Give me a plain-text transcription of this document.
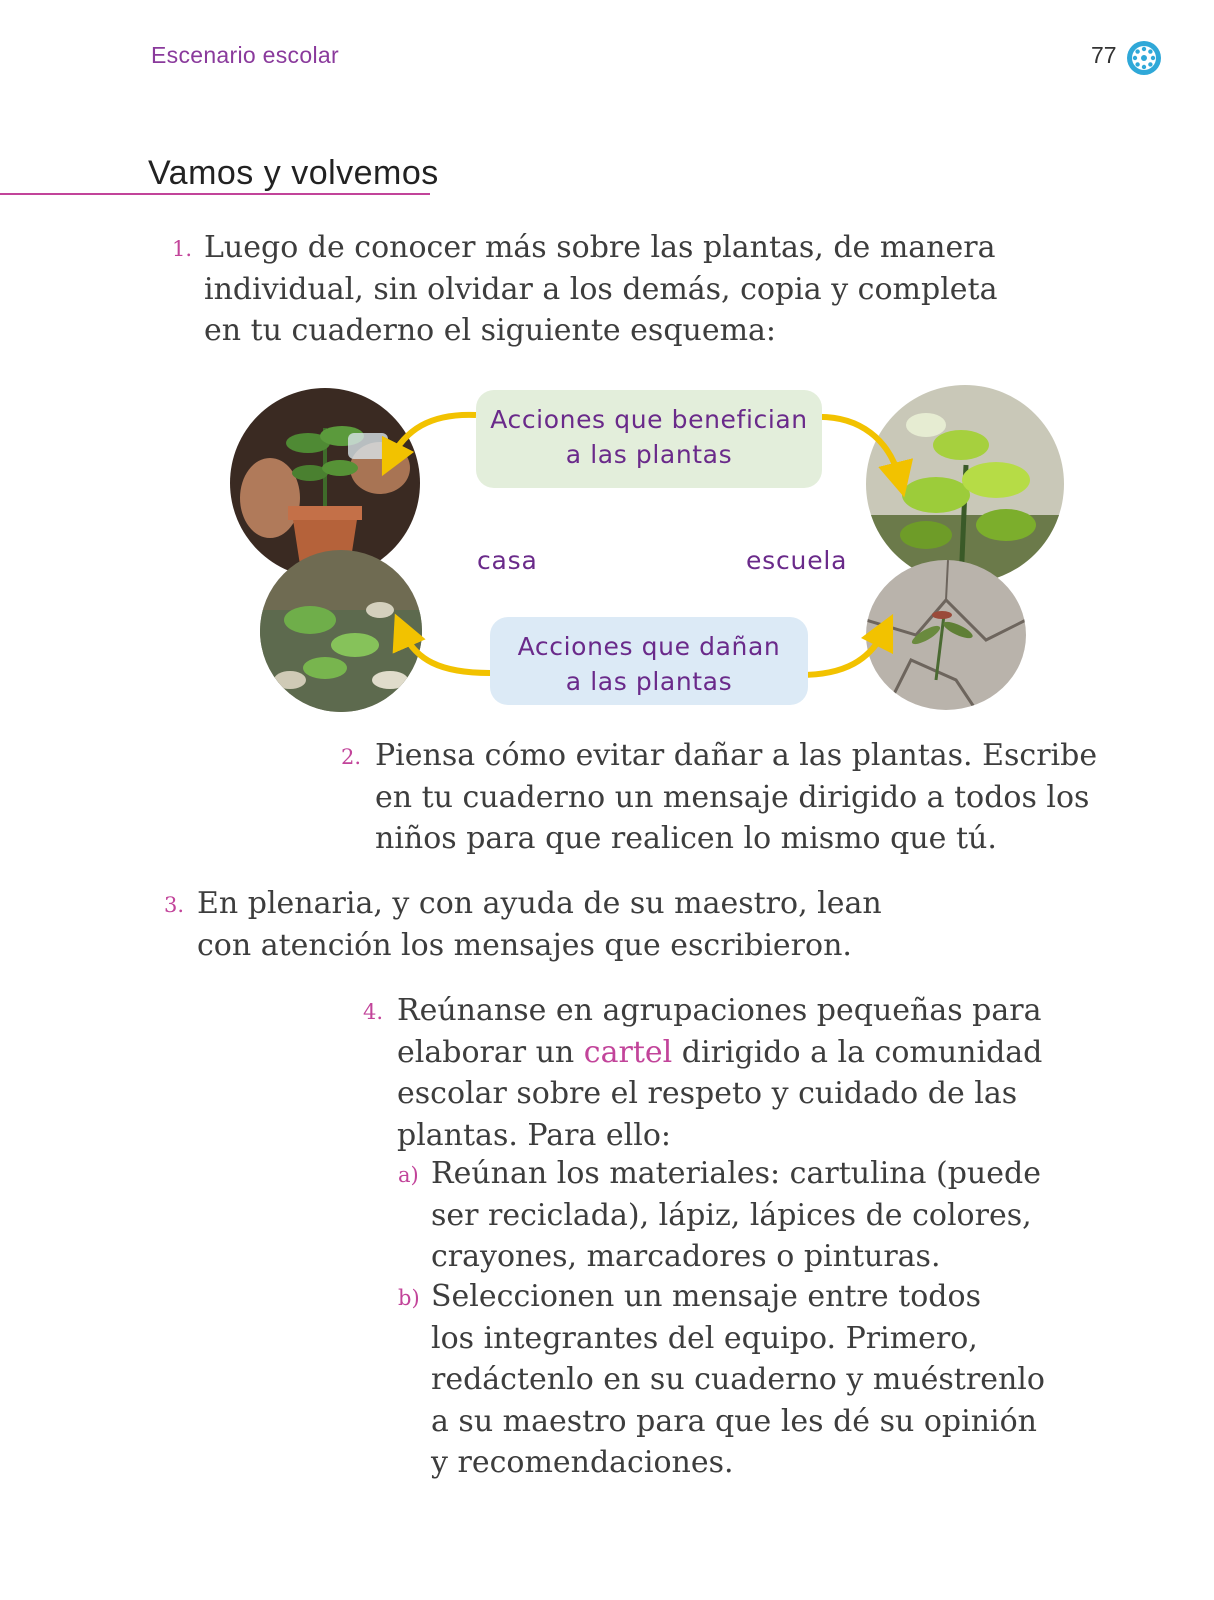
Escenario escolar	77
Vamos y volvemos
1. Luego de conocer más sobre las plantas, de manera
individual, sin olvidar a los demás, copia y completa
en tu cuaderno el siguiente esquema:
Acciones que benefician
a las plantas
Acciones que dañan
a las plantas
casa	escuela
2. Piensa cómo evitar dañar a las plantas. Escribe
en tu cuaderno un mensaje dirigido a todos los
niños para que realicen lo mismo que tú.
3. En plenaria, y con ayuda de su maestro, lean
con atención los mensajes que escribieron.
4. Reúnanse en agrupaciones pequeñas para
elaborar un cartel dirigido a la comunidad
escolar sobre el respeto y cuidado de las
plantas. Para ello:
a) Reúnan los materiales: cartulina (puede
ser reciclada), lápiz, lápices de colores,
crayones, marcadores o pinturas.
b) Seleccionen un mensaje entre todos
los integrantes del equipo. Primero,
redáctenlo en su cuaderno y muéstrenlo
a su maestro para que les dé su opinión
y recomendaciones.
